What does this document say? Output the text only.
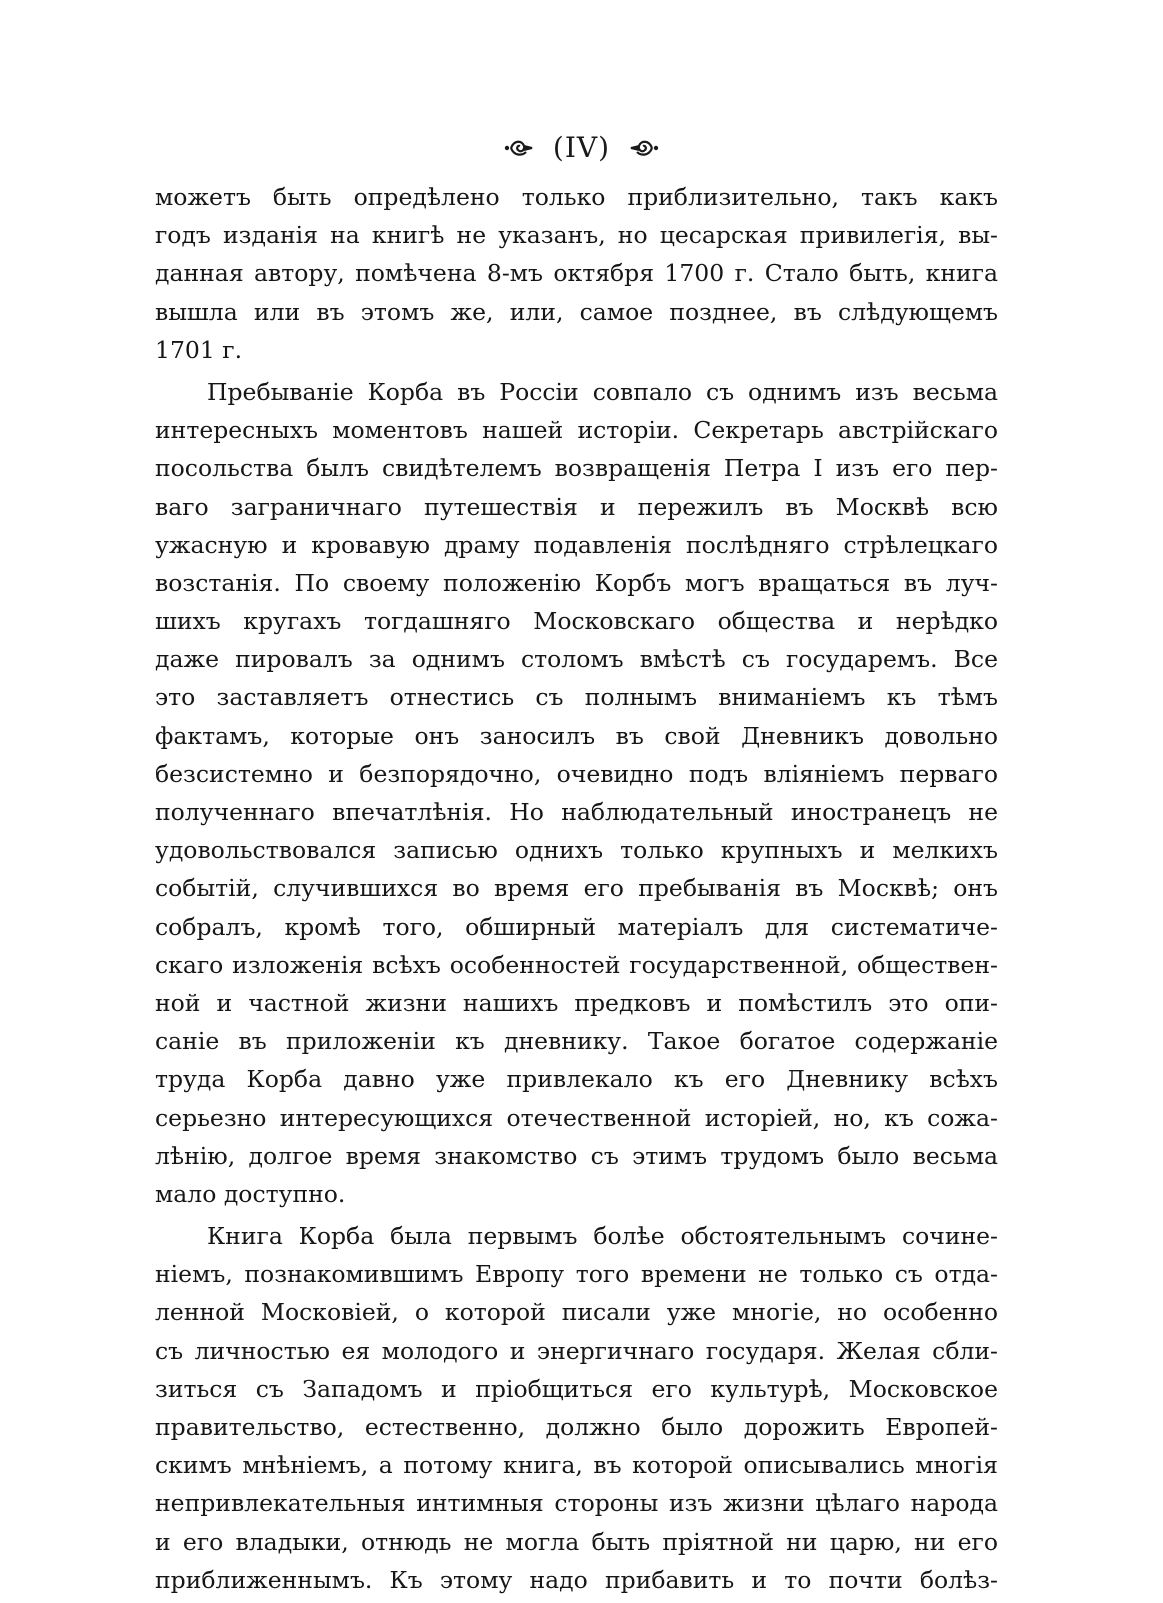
(IV)
можетъ быть опредѣлено только приблизительно, такъ какъ
годъ изданія на книгѣ не указанъ, но цесарская привилегія, вы-
данная автору, помѣчена 8-мъ октября 1700 г. Стало быть, книга
вышла или въ этомъ же, или, самое позднее, въ слѣдующемъ
1701 г.
Пребываніе Корба въ Россіи совпало съ однимъ изъ весьма
интересныхъ моментовъ нашей исторіи. Секретарь австрійскаго
посольства былъ свидѣтелемъ возвращенія Петра I изъ его пер-
ваго заграничнаго путешествія и пережилъ въ Москвѣ всю
ужасную и кровавую драму подавленія послѣдняго стрѣлецкаго
возстанія. По своему положенію Корбъ могъ вращаться въ луч-
шихъ кругахъ тогдашняго Московскаго общества и нерѣдко
даже пировалъ за однимъ столомъ вмѣстѣ съ государемъ. Все
это заставляетъ отнестись съ полнымъ вниманіемъ къ тѣмъ
фактамъ, которые онъ заносилъ въ свой Дневникъ довольно
безсистемно и безпорядочно, очевидно подъ вліяніемъ перваго
полученнаго впечатлѣнія. Но наблюдательный иностранецъ не
удовольствовался записью однихъ только крупныхъ и мелкихъ
событій, случившихся во время его пребыванія въ Москвѣ; онъ
собралъ, кромѣ того, обширный матеріалъ для систематиче-
скаго изложенія всѣхъ особенностей государственной, обществен-
ной и частной жизни нашихъ предковъ и помѣстилъ это опи-
саніе въ приложеніи къ дневнику. Такое богатое содержаніе
труда Корба давно уже привлекало къ его Дневнику всѣхъ
серьезно интересующихся отечественной исторіей, но, къ сожа-
лѣнію, долгое время знакомство съ этимъ трудомъ было весьма
мало доступно.
Книга Корба была первымъ болѣе обстоятельнымъ сочине-
ніемъ, познакомившимъ Европу того времени не только съ отда-
ленной Московіей, о которой писали уже многіе, но особенно
съ личностью ея молодого и энергичнаго государя. Желая сбли-
зиться съ Западомъ и пріобщиться его культурѣ, Московское
правительство, естественно, должно было дорожить Европей-
скимъ мнѣніемъ, а потому книга, въ которой описывались многія
непривлекательныя интимныя стороны изъ жизни цѣлаго народа
и его владыки, отнюдь не могла быть пріятной ни царю, ни его
приближеннымъ. Къ этому надо прибавить и то почти болѣз-
